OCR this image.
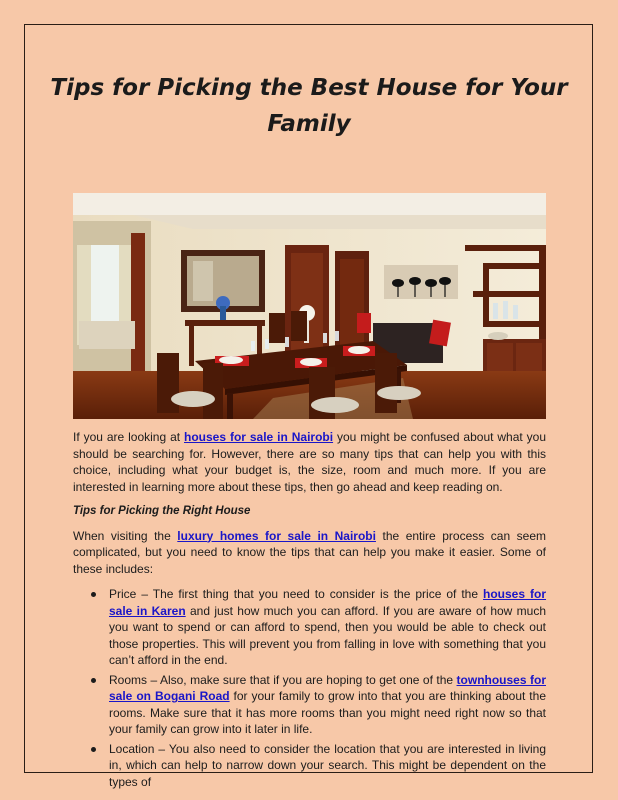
Tips for Picking the Best House for Your Family

If you are looking at houses for sale in Nairobi you might be confused about what you should be searching for. However, there are so many tips that can help you with this choice, including what your budget is, the size, room and much more. If you are interested in learning more about these tips, then go ahead and keep reading on.

Tips for Picking the Right House

When visiting the luxury homes for sale in Nairobi the entire process can seem complicated, but you need to know the tips that can help you make it easier. Some of these includes:

Price – The first thing that you need to consider is the price of the houses for sale in Karen and just how much you can afford. If you are aware of how much you want to spend or can afford to spend, then you would be able to check out those properties. This will prevent you from falling in love with something that you can’t afford in the end.
Rooms – Also, make sure that if you are hoping to get one of the townhouses for sale on Bogani Road for your family to grow into that you are thinking about the rooms. Make sure that it has more rooms than you might need right now so that your family can grow into it later in life.
Location – You also need to consider the location that you are interested in living in, which can help to narrow down your search. This might be dependent on the types of
